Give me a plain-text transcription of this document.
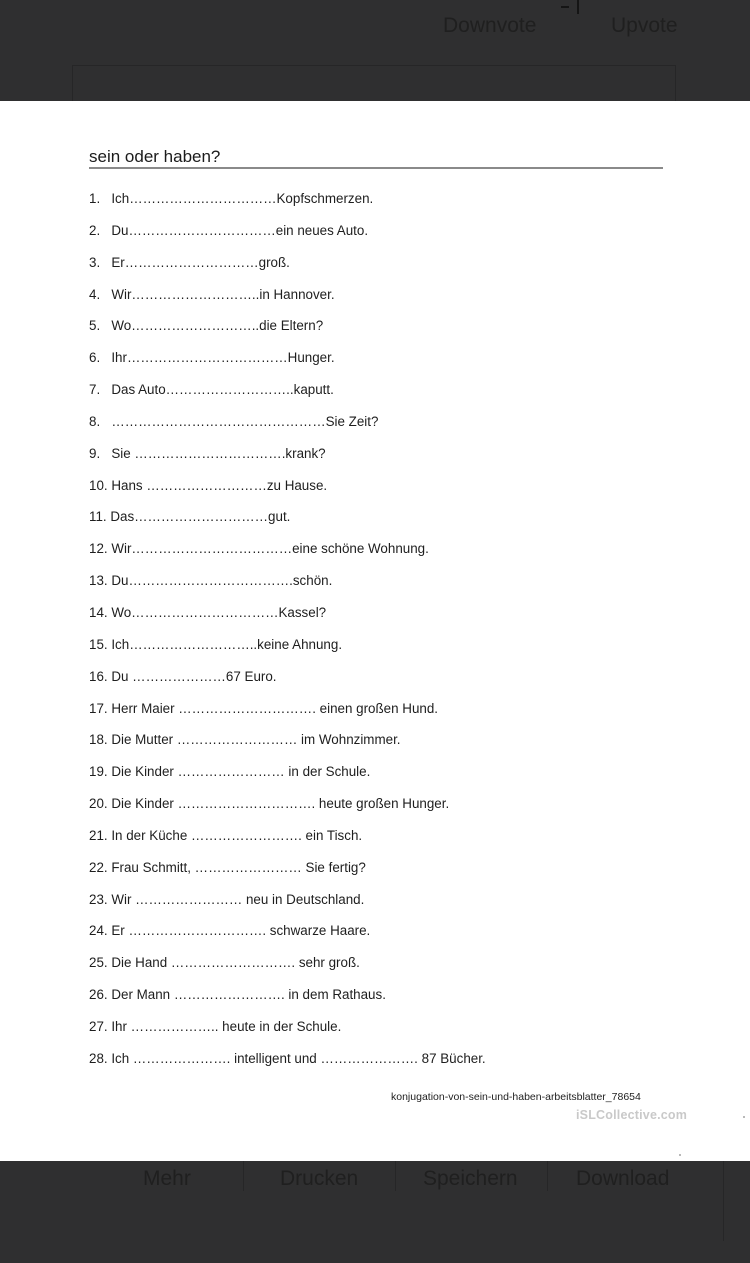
Downvote	Upvote
sein oder haben?
1.   Ich……………………………Kopfschmerzen.
2.   Du……………………………ein neues Auto.
3.   Er…………………………groß.
4.   Wir………………………..in Hannover.
5.   Wo………………………..die Eltern?
6.   Ihr………………………………Hunger.
7.   Das Auto………………………..kaputt.
8.   …………………………………………Sie Zeit?
9.   Sie …………………………….krank?
10. Hans ………………………zu Hause.
11. Das…………………………gut.
12. Wir………………………………eine schöne Wohnung.
13. Du……………………………….schön.
14. Wo……………………………Kassel?
15. Ich………………………..keine Ahnung.
16. Du …………………67 Euro.
17. Herr Maier …………………………. einen großen Hund.
18. Die Mutter ……………………… im Wohnzimmer.
19. Die Kinder …………………… in der Schule.
20. Die Kinder …………………………. heute großen Hunger.
21. In der Küche ……………………. ein Tisch.
22. Frau Schmitt, …………………… Sie fertig?
23. Wir …………………… neu in Deutschland.
24. Er …………………………. schwarze Haare.
25. Die Hand ………………………. sehr groß.
26. Der Mann ……………………. in dem Rathaus.
27. Ihr ……………….. heute in der Schule.
28. Ich …………………. intelligent und …………………. 87 Bücher.
konjugation-von-sein-und-haben-arbeitsblatter_78654
iSLCollective.com
Mehr	Drucken	Speichern	Download
